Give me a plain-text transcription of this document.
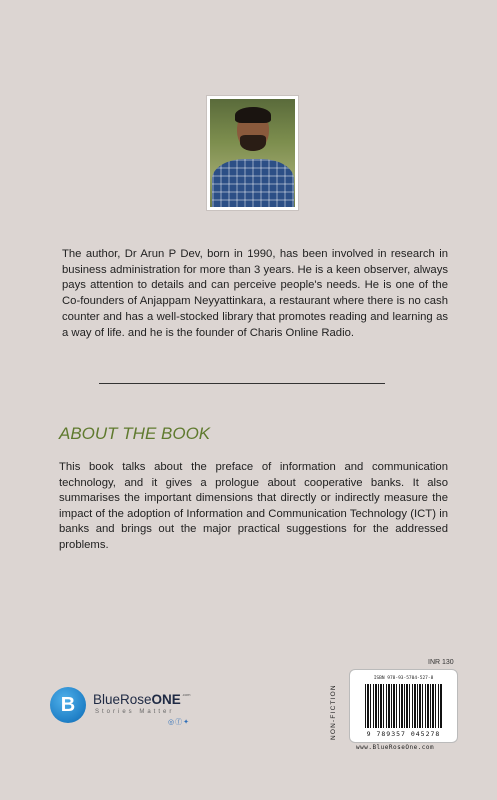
The author, Dr Arun P Dev, born in 1990, has been involved in research in business administration for more than 3 years. He is a keen observer, always pays attention to details and can perceive people's needs. He is one of the Co-founders of Anjappam Neyyattinkara, a restaurant where there is no cash counter and has a well-stocked library that promotes reading and learning as a way of life. and he is the founder of Charis Online Radio.

ABOUT THE BOOK

This book talks about the preface of information and communication technology, and it gives a prologue about cooperative banks. It also summarises the important dimensions that directly or indirectly measure the impact of the adoption of Information and Communication Technology (ICT) in banks and brings out the major practical suggestions for the addressed problems.

B	BlueRoseONE$^{.com}$
Stories Matter
◎ⓕ✦
INR 130
NON-FICTION
ISBN 978-93-5704-527-8
9 789357 045278
www.BlueRoseOne.com
